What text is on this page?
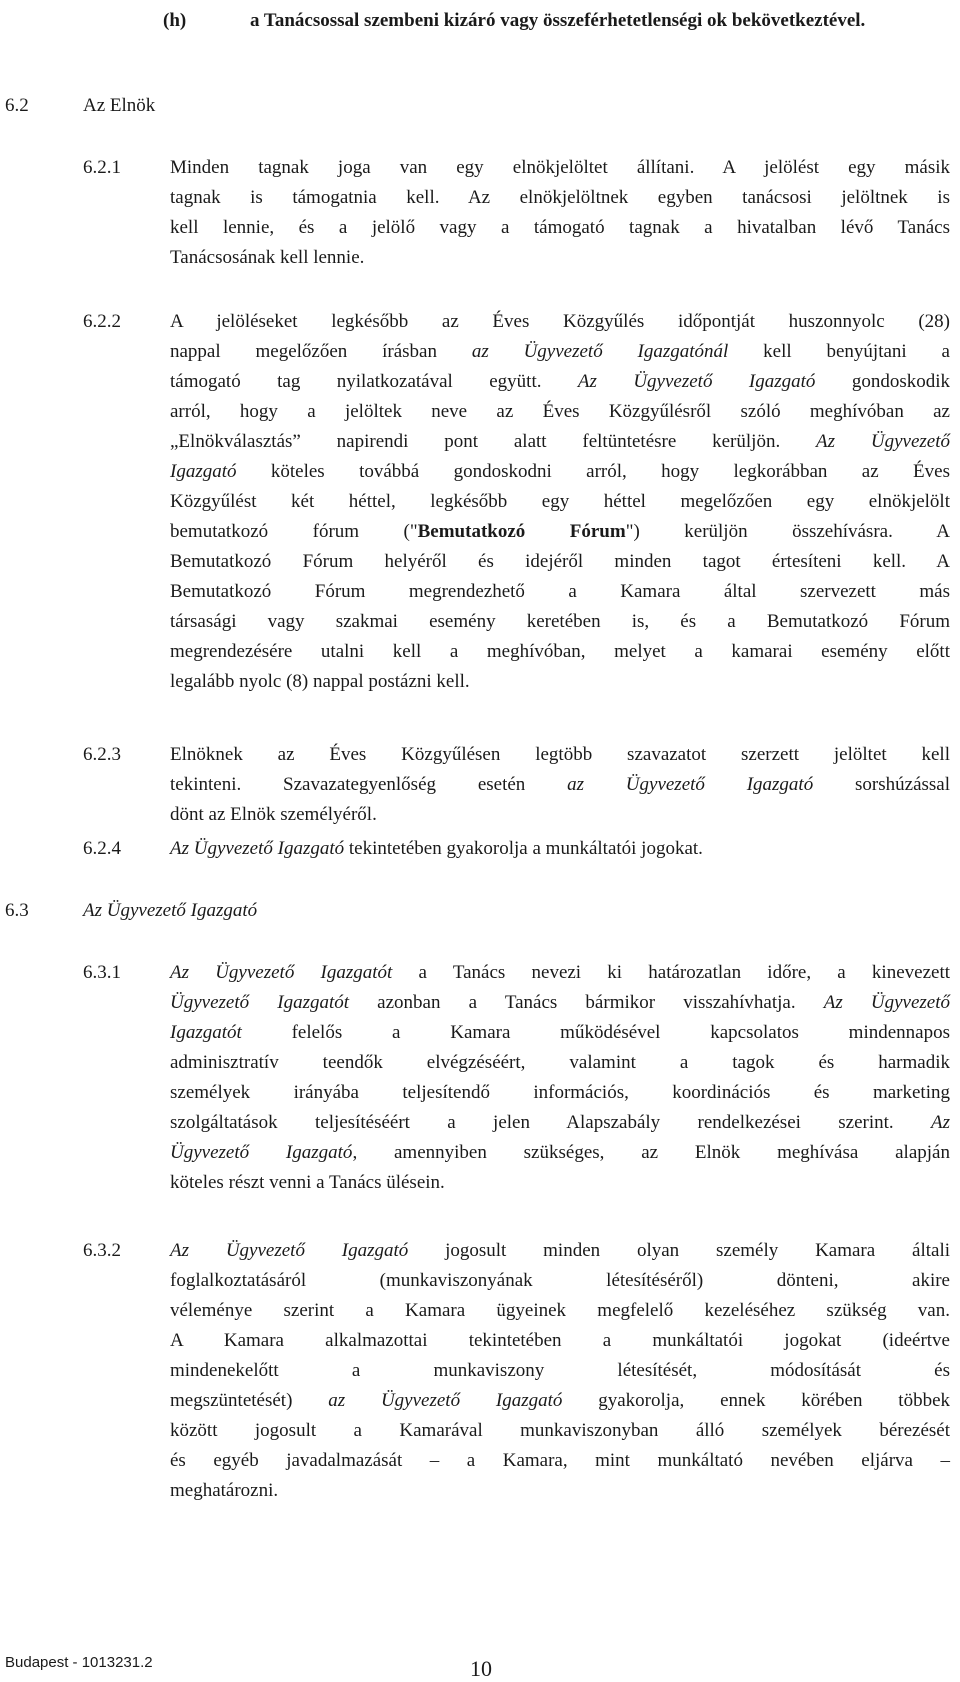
(h)	a Tanácsossal szembeni kizáró vagy összeférhetetlenségi ok bekövetkeztével.
6.2	Az Elnök
6.2.1	Minden tagnak joga van egy elnökjelöltet állítani. A jelölést egy másik
tagnak is támogatnia kell. Az elnökjelöltnek egyben tanácsosi jelöltnek is
kell lennie, és a jelölő vagy a támogató tagnak a hivatalban lévő Tanács
Tanácsosának kell lennie.
6.2.2	A jelöléseket legkésőbb az Éves Közgyűlés időpontját huszonnyolc (28)
nappal megelőzően írásban az Ügyvezető Igazgatónál kell benyújtani a
támogató tag nyilatkozatával együtt. Az Ügyvezető Igazgató gondoskodik
arról, hogy a jelöltek neve az Éves Közgyűlésről szóló meghívóban az
„Elnökválasztás” napirendi pont alatt feltüntetésre kerüljön. Az Ügyvezető
Igazgató köteles továbbá gondoskodni arról, hogy legkorábban az Éves
Közgyűlést két héttel, legkésőbb egy héttel megelőzően egy elnökjelölt
bemutatkozó fórum ("Bemutatkozó Fórum") kerüljön összehívásra. A
Bemutatkozó Fórum helyéről és idejéről minden tagot értesíteni kell. A
Bemutatkozó Fórum megrendezhető a Kamara által szervezett más
társasági vagy szakmai esemény keretében is, és a Bemutatkozó Fórum
megrendezésére utalni kell a meghívóban, melyet a kamarai esemény előtt
legalább nyolc (8) nappal postázni kell.
6.2.3	Elnöknek az Éves Közgyűlésen legtöbb szavazatot szerzett jelöltet kell
tekinteni. Szavazategyenlőség esetén az Ügyvezető Igazgató sorshúzással
dönt az Elnök személyéről.
6.2.4	Az Ügyvezető Igazgató tekintetében gyakorolja a munkáltatói jogokat.
6.3	Az Ügyvezető Igazgató
6.3.1	Az Ügyvezető Igazgatót a Tanács nevezi ki határozatlan időre, a kinevezett
Ügyvezető Igazgatót azonban a Tanács bármikor visszahívhatja. Az Ügyvezető
Igazgatót felelős a Kamara működésével kapcsolatos mindennapos
adminisztratív teendők elvégzéséért, valamint a tagok és harmadik
személyek irányába teljesítendő információs, koordinációs és marketing
szolgáltatások teljesítéséért a jelen Alapszabály rendelkezései szerint. Az
Ügyvezető Igazgató, amennyiben szükséges, az Elnök meghívása alapján
köteles részt venni a Tanács ülésein.
6.3.2	Az Ügyvezető Igazgató jogosult minden olyan személy Kamara általi
foglalkoztatásáról (munkaviszonyának létesítéséről) dönteni, akire
véleménye szerint a Kamara ügyeinek megfelelő kezeléséhez szükség van.
A Kamara alkalmazottai tekintetében a munkáltatói jogokat (ideértve
mindenekelőtt a munkaviszony létesítését, módosítását és
megszüntetését) az Ügyvezető Igazgató gyakorolja, ennek körében többek
között jogosult a Kamarával munkaviszonyban álló személyek bérezését
és egyéb javadalmazását – a Kamara, mint munkáltató nevében eljárva –
meghatározni.
Budapest - 1013231.2	10
